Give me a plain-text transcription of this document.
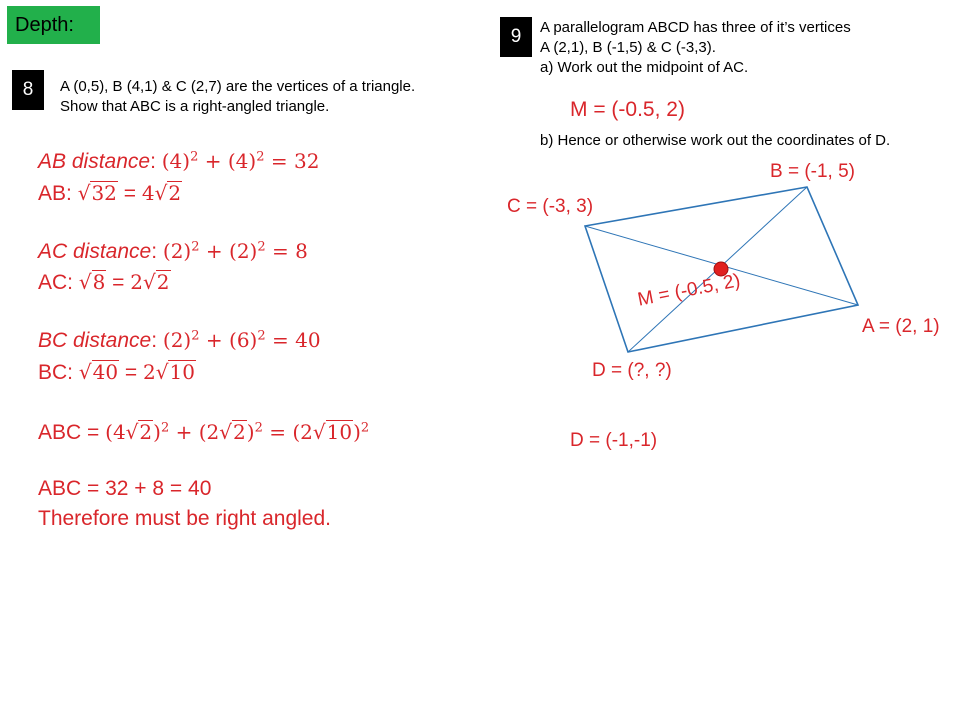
Depth:
8	A (0,5), B (4,1) & C (2,7) are the vertices of a triangle.
Show that ABC is a right-angled triangle.
AB distance: $(4)^2 + (4)^2 = 32$
AB: √32 = 4√2
AC distance: $(2)^2 + (2)^2 = 8$
AC: √8 = 2√2
BC distance: $(2)^2 + (6)^2 = 40$
BC: √40 = 2√10
ABC = $(4√2)^2 + (2√2)^2 = (2√10)^2$
ABC = 32 + 8 = 40
Therefore must be right angled.
9	A parallelogram ABCD has three of it’s vertices
A (2,1), B (-1,5) & C (-3,3).
a) Work out the midpoint of AC.
M = (-0.5, 2)
b) Hence or otherwise work out the coordinates of D.
B = (-1, 5)
C = (-3, 3)
A = (2, 1)
D = (?, ?)
M = (-0.5, 2)
D = (-1,-1)
